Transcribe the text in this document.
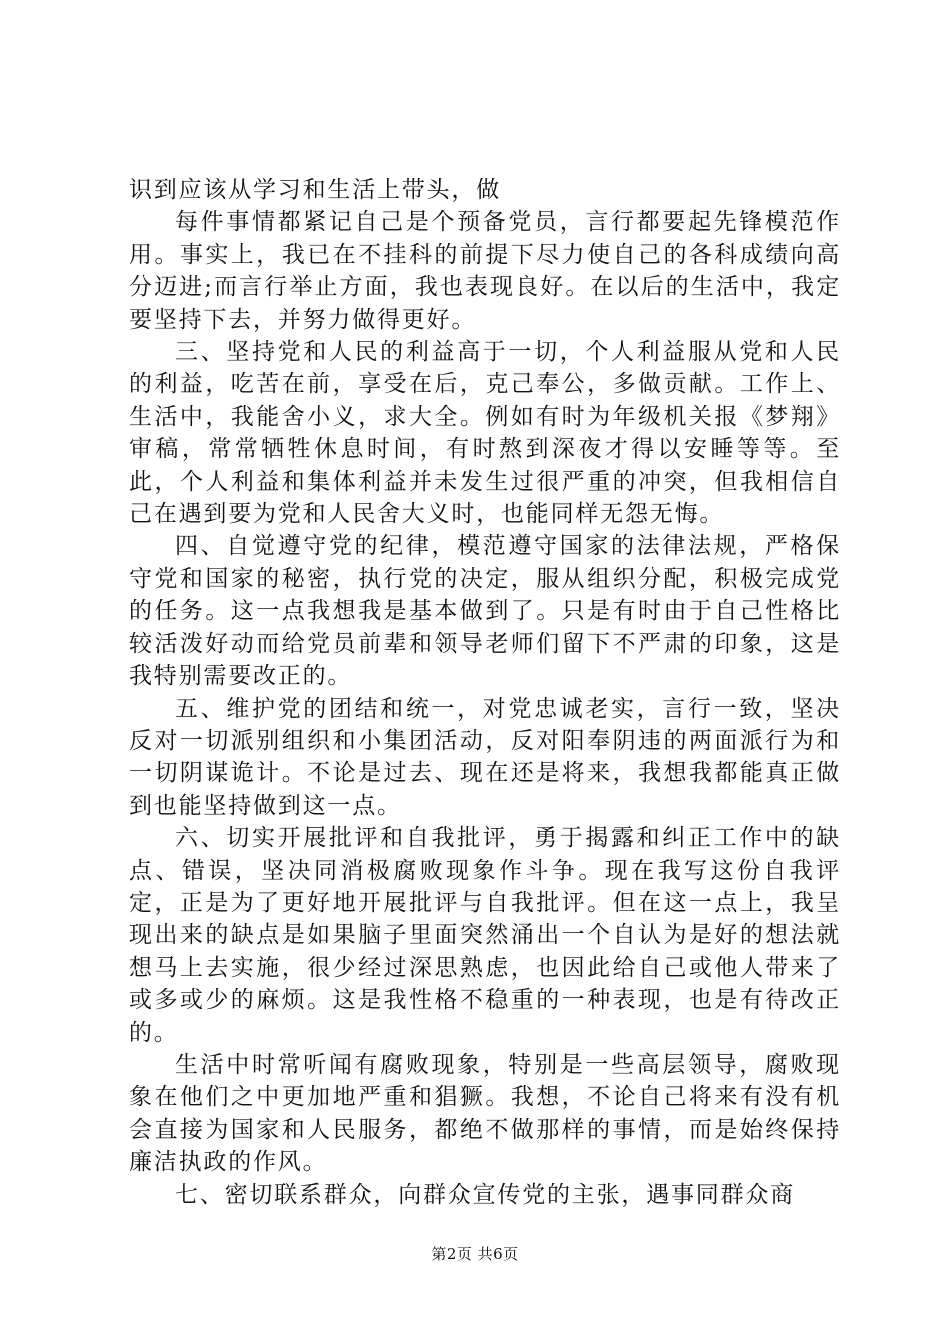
识到应该从学习和生活上带头，做

每件事情都紧记自己是个预备党员，言行都要起先锋模范作用。事实上，我已在不挂科的前提下尽力使自己的各科成绩向高分迈进;而言行举止方面，我也表现良好。在以后的生活中，我定要坚持下去，并努力做得更好。

三、坚持党和人民的利益高于一切，个人利益服从党和人民的利益，吃苦在前，享受在后，克己奉公，多做贡献。工作上、生活中，我能舍小义，求大全。例如有时为年级机关报《梦翔》审稿，常常牺牲休息时间，有时熬到深夜才得以安睡等等。至此，个人利益和集体利益并未发生过很严重的冲突，但我相信自己在遇到要为党和人民舍大义时，也能同样无怨无悔。

四、自觉遵守党的纪律，模范遵守国家的法律法规，严格保守党和国家的秘密，执行党的决定，服从组织分配，积极完成党的任务。这一点我想我是基本做到了。只是有时由于自己性格比较活泼好动而给党员前辈和领导老师们留下不严肃的印象，这是我特别需要改正的。

五、维护党的团结和统一，对党忠诚老实，言行一致，坚决反对一切派别组织和小集团活动，反对阳奉阴违的两面派行为和一切阴谋诡计。不论是过去、现在还是将来，我想我都能真正做到也能坚持做到这一点。

六、切实开展批评和自我批评，勇于揭露和纠正工作中的缺点、错误，坚决同消极腐败现象作斗争。现在我写这份自我评定，正是为了更好地开展批评与自我批评。但在这一点上，我呈现出来的缺点是如果脑子里面突然涌出一个自认为是好的想法就想马上去实施，很少经过深思熟虑，也因此给自己或他人带来了或多或少的麻烦。这是我性格不稳重的一种表现，也是有待改正的。

生活中时常听闻有腐败现象，特别是一些高层领导，腐败现象在他们之中更加地严重和猖獗。我想，不论自己将来有没有机会直接为国家和人民服务，都绝不做那样的事情，而是始终保持廉洁执政的作风。

七、密切联系群众，向群众宣传党的主张，遇事同群众商

第2页 共6页
